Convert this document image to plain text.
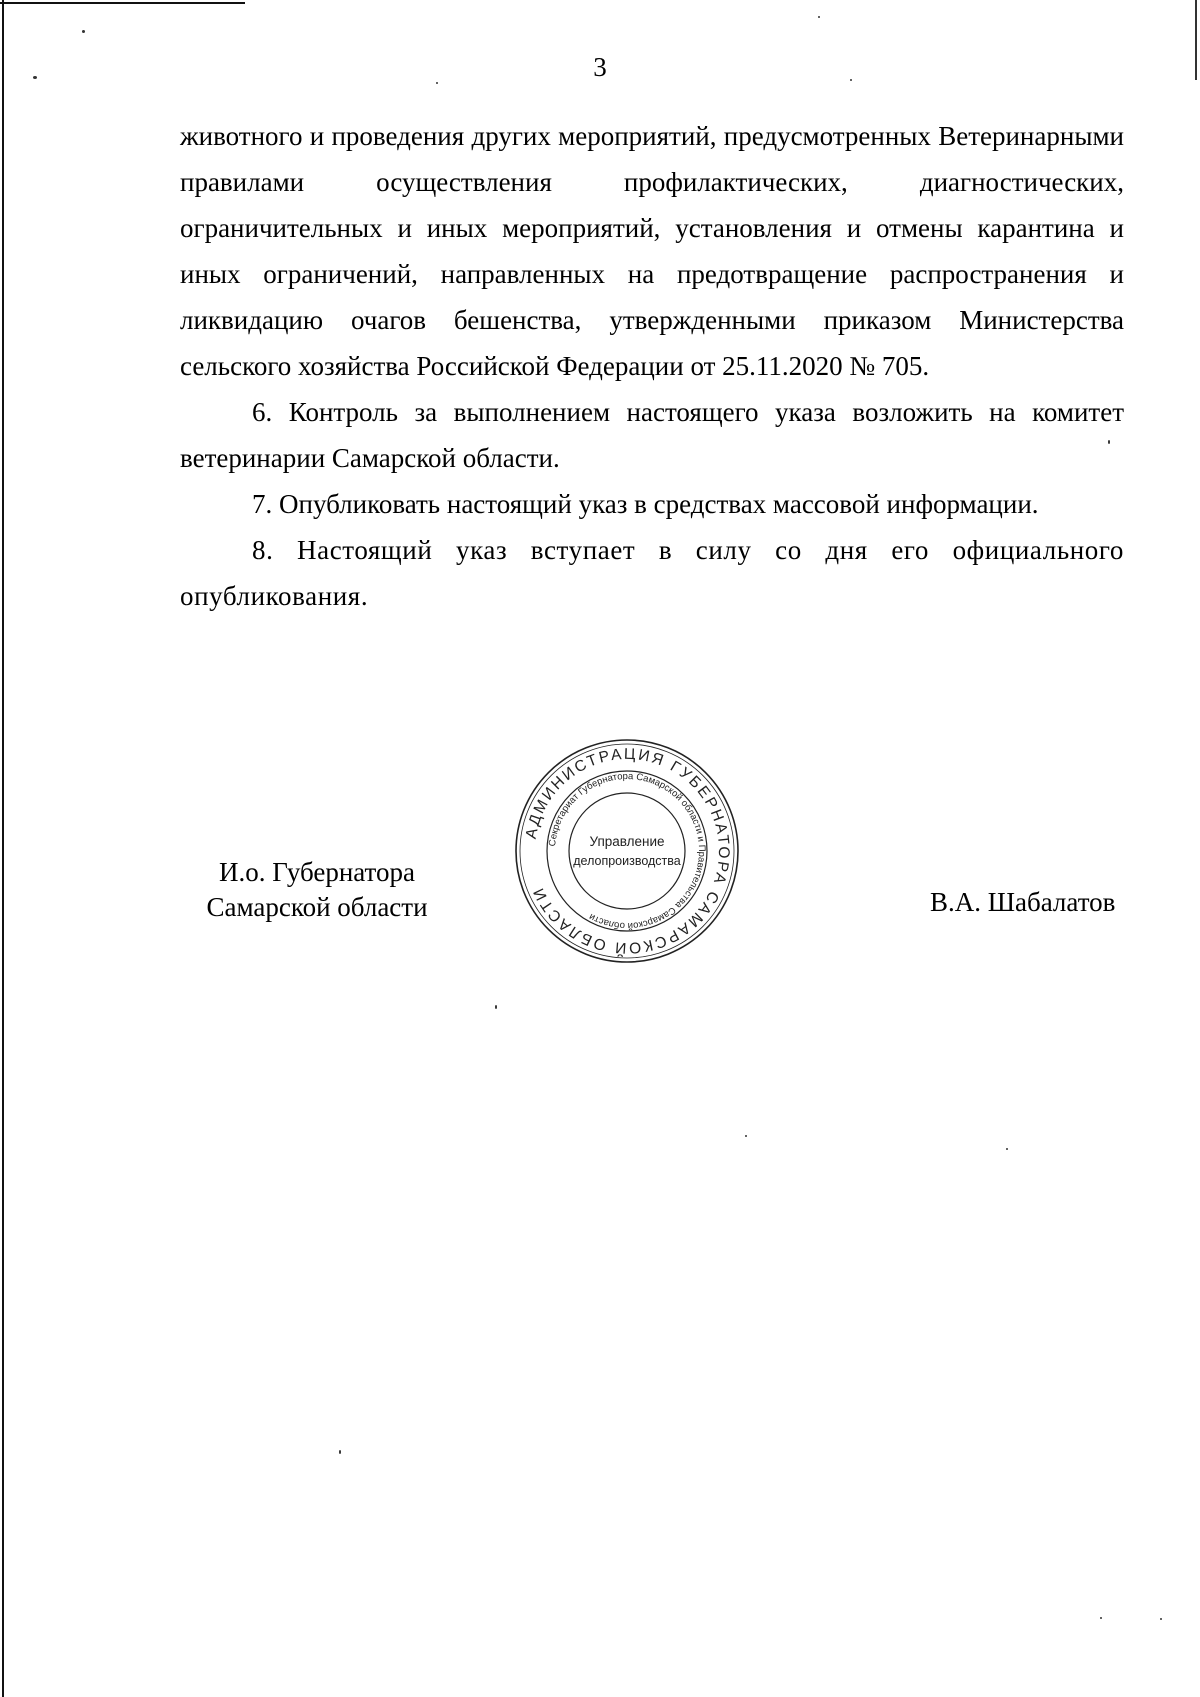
3

животного и проведения других мероприятий, предусмотренных Ветеринарными правилами осуществления профилактических, диагностических, ограничительных и иных мероприятий, установления и отмены карантина и иных ограничений, направленных на предотвращение распространения и ликвидацию очагов бешенства, утвержденными приказом Министерства сельского хозяйства Российской Федерации от 25.11.2020 № 705.

6. Контроль за выполнением настоящего указа возложить на комитет ветеринарии Самарской области.

7. Опубликовать настоящий указ в средствах массовой информации.

8. Настоящий указ вступает в силу со дня его официального опубликования.

И.о. Губернатора
Самарской области
АДМИНИСТРАЦИЯ ГУБЕРНАТОРА САМАРСКОЙ ОБЛАСТИ
Секретариат Губернатора Самарской области и Правительства Самарской области
Управление
делопроизводства
В.А. Шабалатов
